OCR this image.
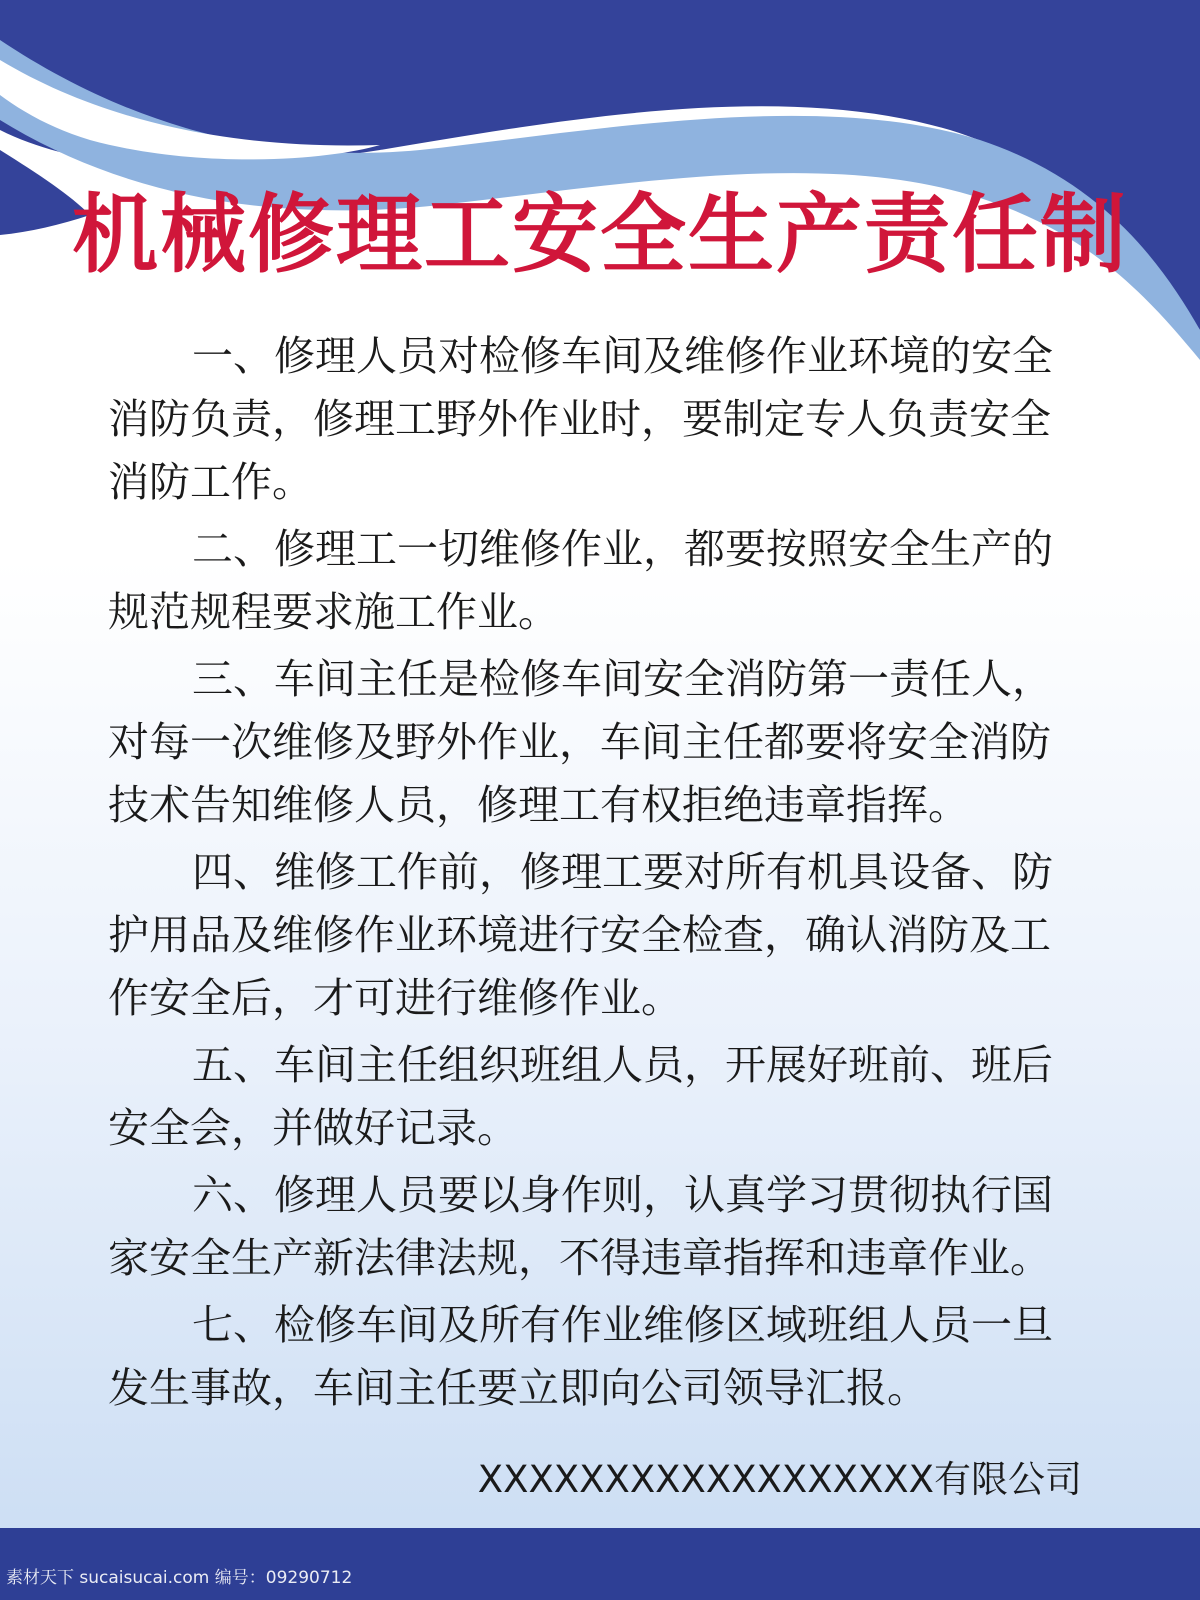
机械修理工安全生产责任制

一、修理人员对检修车间及维修作业环境的安全消防负责，修理工野外作业时，要制定专人负责安全消防工作。

二、修理工一切维修作业，都要按照安全生产的规范规程要求施工作业。

三、车间主任是检修车间安全消防第一责任人，对每一次维修及野外作业，车间主任都要将安全消防技术告知维修人员，修理工有权拒绝违章指挥。

四、维修工作前，修理工要对所有机具设备、防护用品及维修作业环境进行安全检查，确认消防及工作安全后，才可进行维修作业。

五、车间主任组织班组人员，开展好班前、班后安全会，并做好记录。

六、修理人员要以身作则，认真学习贯彻执行国家安全生产新法律法规，不得违章指挥和违章作业。

七、检修车间及所有作业维修区域班组人员一旦发生事故，车间主任要立即向公司领导汇报。

XXXXXXXXXXXXXXXXXX有限公司
素材天下 sucaisucai.com 编号：09290712
